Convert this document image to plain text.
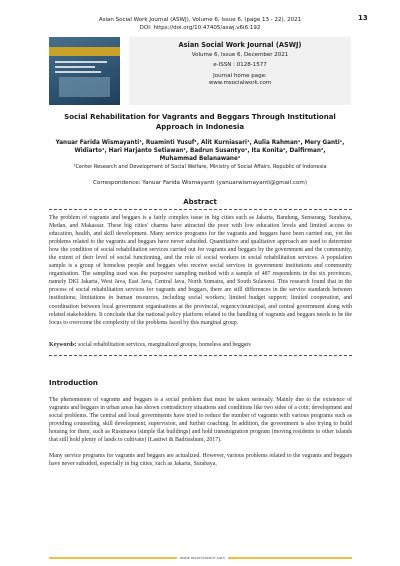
13
Asian Social Work Journal (ASWJ), Volume 6, Issue 6, (page 13 - 22), 2021
DOI: https://doi.org/10.47405/aswj.v6i6.192
Asian Social Work Journal (ASWJ)
Volume 6, Issue 6, December 2021
e-ISSN : 0128-1577
Journal home page:
www.msocialwork.com
Social Rehabilitation for Vagrants and Beggars Through Institutional
Approach in Indonesia
Yanuar Farida Wismayanti¹, Ruaminti Yusuf¹, Alit Kurniasari¹, Aulia Rahman¹, Mery Ganti¹,
Widiarto¹, Hari Harjanto Setiawan¹, Badrun Susantyo¹, Ita Konita¹, Dalfirman¹,
Muhammad Belanawane¹
¹Center Research and Development of Social Welfare, Ministry of Social Affairs, Republic of Indonesia
Correspondence: Yanuar Farida Wismayanti (yanuarwismayanti@gmail.com)
Abstract

The problem of vagrants and beggars is a fairly complex issue in big cities such as Jakarta, Bandung, Semarang, Surabaya, Medan, and Makassar. These big cities' charms have attracted the poor with low education levels and limited access to education, health, and skill development. Many service programs for the vagrants and beggars have been carried out, yet the problems related to the vagrants and beggars have never subsided. Quantitative and qualitative approach are used to determine how the condition of social rehabilitation services carried out for vagrants and beggars by the government and the community, the extent of their level of social functioning, and the role of social workers in social rehabilitation services. A population sample is a group of homeless people and beggars who receive social services in government institutions and community organisation. The sampling used was the purposive sampling method with a sample of 487 respondents in the six provinces, namely DKI Jakarta, West Java, East Java, Central Java, North Sumatra, and South Sulawesi. This research found that in the process of social rehabilitation services for vagrants and beggars, there are still differences in the service standards between institutions; limitations in human resources, including social workers; limited budget support; limited cooperation, and coordination between local government organisations at the provincial, regency/municipal, and central government along with related stakeholders. It conclude that the national policy platform related to the handling of vagrants and beggars needs to be the focus to overcome the complexity of the problems faced by this marginal group.

Keywords: social rehabilitation services, marginalized groups, homeless and beggars
Introduction

The phenomenon of vagrants and beggars is a social problem that must be taken seriously. Mainly due to the existence of vagrants and beggars in urban areas has shown contradictory situations and conditions like two sides of a coin; development and social problems. The central and local governments have tried to reduce the number of vagrants with various programs such as providing counseling, skill development, supervision, and further coaching. In addition, the government is also trying to build housing for them, such as Rusunawa (simple flat buildings) and hold transmigration program (moving residents to other islands that still hold plenty of lands to cultivate) (Lastiwi & Badriashum, 2017).

Many service programs for vagrants and beggars are actualized. However, various problems related to the vagrants and beggars have never subsided, especially in big cities, such as Jakarta, Surabaya,

www.msocialwork.com
